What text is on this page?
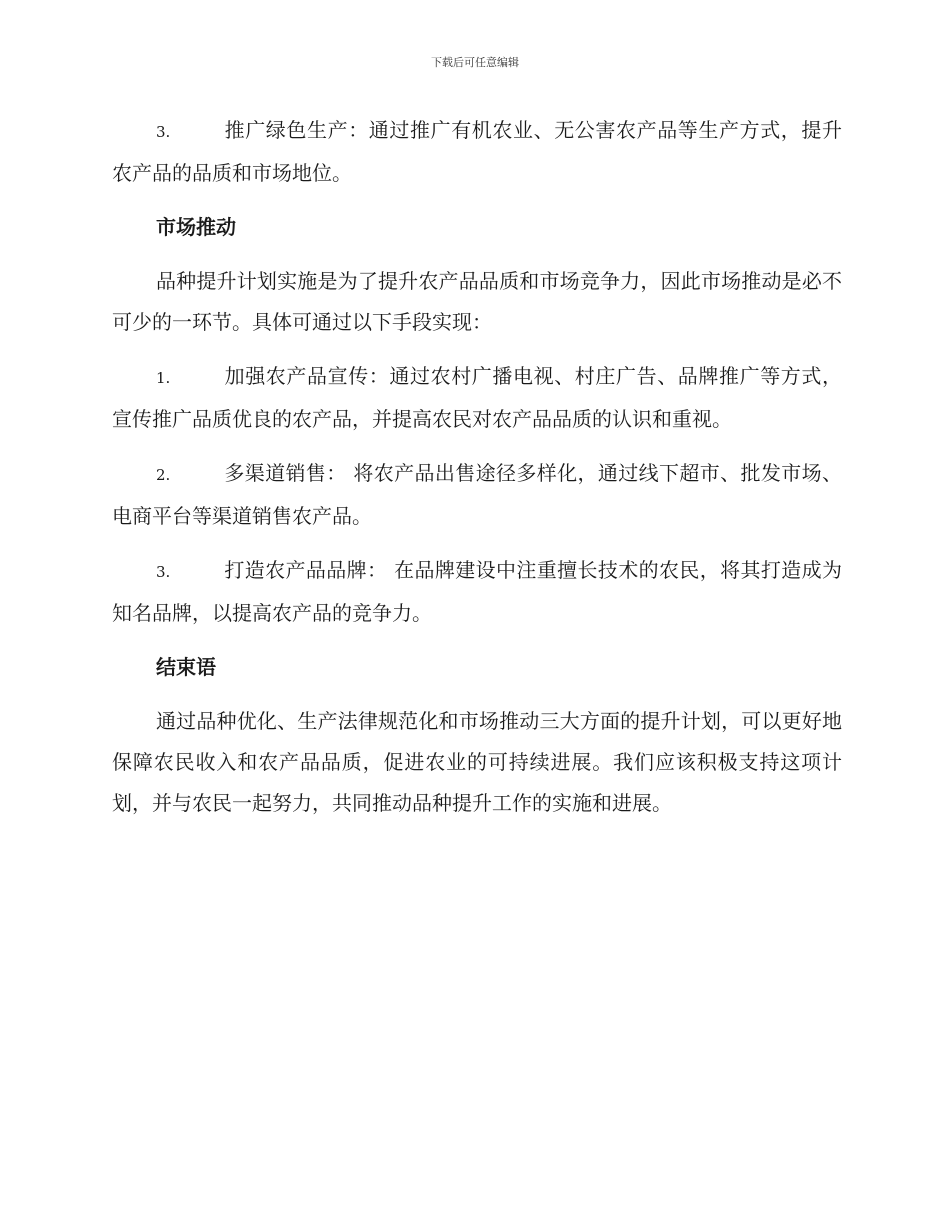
下载后可任意编辑

3.	推广绿色生产：通过推广有机农业、无公害农产品等生产方式，提升农产品的品质和市场地位。

市场推动

品种提升计划实施是为了提升农产品品质和市场竞争力，因此市场推动是必不可少的一环节。具体可通过以下手段实现：

1.	加强农产品宣传：通过农村广播电视、村庄广告、品牌推广等方式，宣传推广品质优良的农产品，并提高农民对农产品品质的认识和重视。

2.	多渠道销售： 将农产品出售途径多样化，通过线下超市、批发市场、电商平台等渠道销售农产品。

3.	打造农产品品牌： 在品牌建设中注重擅长技术的农民，将其打造成为知名品牌，以提高农产品的竞争力。

结束语

通过品种优化、生产法律规范化和市场推动三大方面的提升计划，可以更好地保障农民收入和农产品品质，促进农业的可持续进展。我们应该积极支持这项计划，并与农民一起努力，共同推动品种提升工作的实施和进展。
